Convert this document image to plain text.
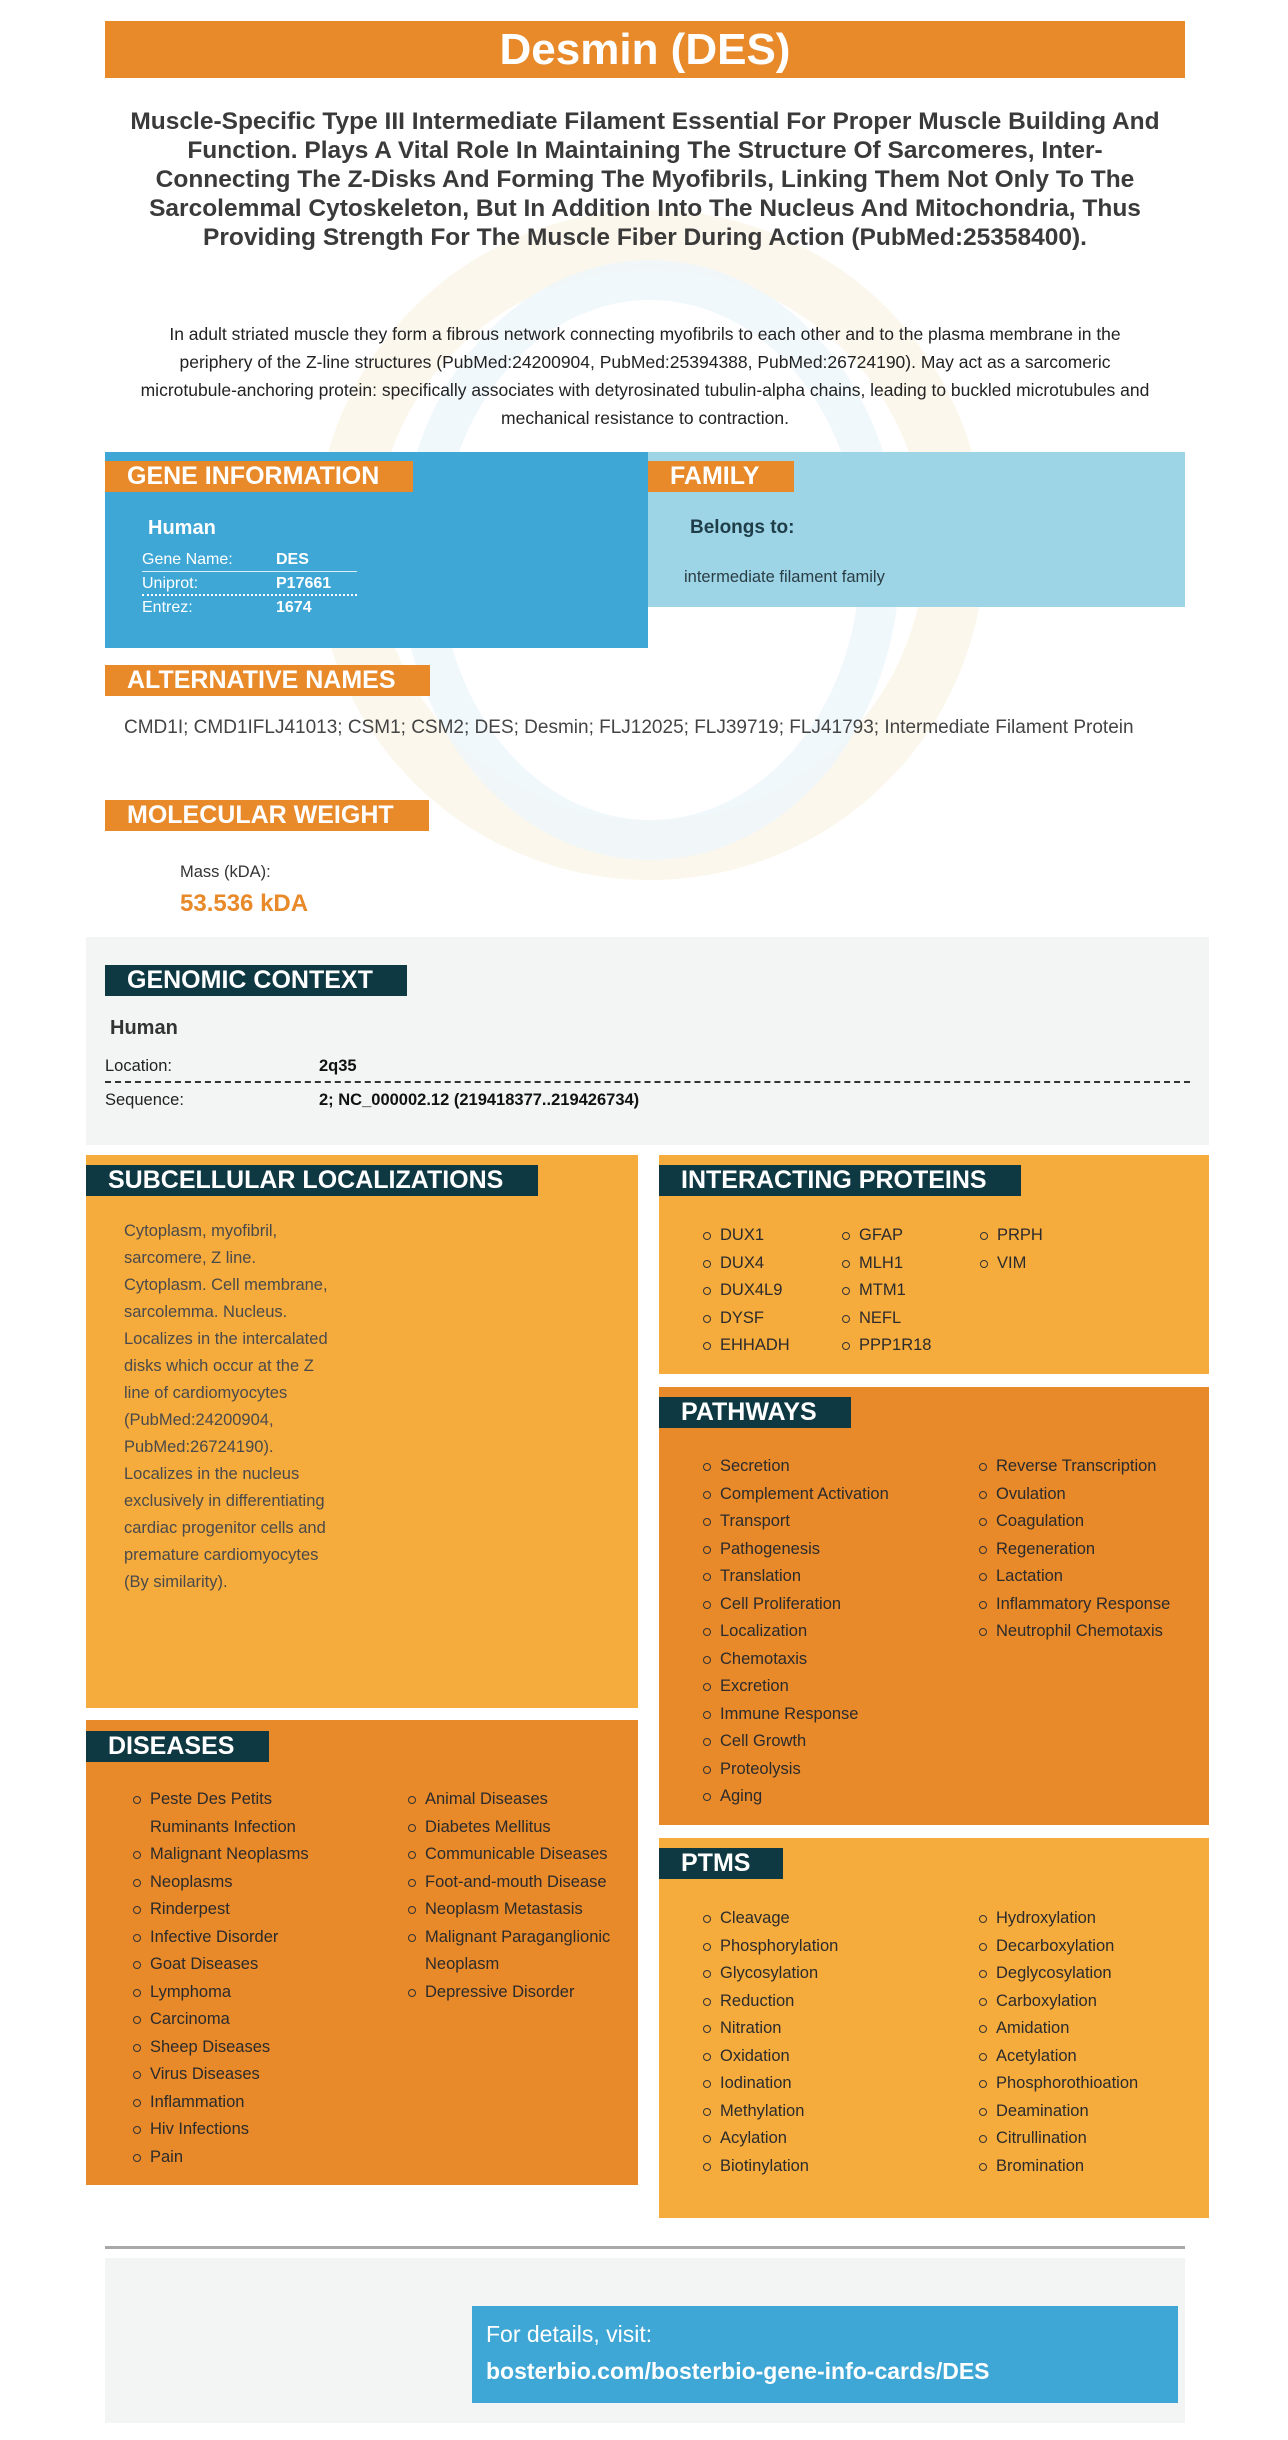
Desmin (DES)
Muscle-Specific Type III Intermediate Filament Essential For Proper Muscle Building And Function. Plays A Vital Role In Maintaining The Structure Of Sarcomeres, Inter-Connecting The Z-Disks And Forming The Myofibrils, Linking Them Not Only To The Sarcolemmal Cytoskeleton, But In Addition Into The Nucleus And Mitochondria, Thus Providing Strength For The Muscle Fiber During Action (PubMed:25358400).
In adult striated muscle they form a fibrous network connecting myofibrils to each other and to the plasma membrane in the periphery of the Z-line structures (PubMed:24200904, PubMed:25394388, PubMed:26724190). May act as a sarcomeric microtubule-anchoring protein: specifically associates with detyrosinated tubulin-alpha chains, leading to buckled microtubules and mechanical resistance to contraction.
GENE INFORMATION
Human
Gene Name:	DES
Uniprot:	P17661
Entrez:	1674
FAMILY
Belongs to:
intermediate filament family
ALTERNATIVE NAMES
CMD1I; CMD1IFLJ41013; CSM1; CSM2; DES; Desmin; FLJ12025; FLJ39719; FLJ41793; Intermediate Filament Protein
MOLECULAR WEIGHT
Mass (kDA):
53.536 kDA
GENOMIC CONTEXT
Human
Location:	2q35
Sequence:	2; NC_000002.12 (219418377..219426734)
SUBCELLULAR LOCALIZATIONS
Cytoplasm, myofibril, sarcomere, Z line. Cytoplasm. Cell membrane, sarcolemma. Nucleus. Localizes in the intercalated disks which occur at the Z line of cardiomyocytes (PubMed:24200904, PubMed:26724190). Localizes in the nucleus exclusively in differentiating cardiac progenitor cells and premature cardiomyocytes (By similarity).
INTERACTING PROTEINS
DUX1
DUX4
DUX4L9
DYSF
EHHADH
GFAP
MLH1
MTM1
NEFL
PPP1R18
PRPH
VIM
PATHWAYS
Secretion
Complement Activation
Transport
Pathogenesis
Translation
Cell Proliferation
Localization
Chemotaxis
Excretion
Immune Response
Cell Growth
Proteolysis
Aging
Reverse Transcription
Ovulation
Coagulation
Regeneration
Lactation
Inflammatory Response
Neutrophil Chemotaxis
DISEASES
Peste Des Petits Ruminants Infection
Malignant Neoplasms
Neoplasms
Rinderpest
Infective Disorder
Goat Diseases
Lymphoma
Carcinoma
Sheep Diseases
Virus Diseases
Inflammation
Hiv Infections
Pain
Animal Diseases
Diabetes Mellitus
Communicable Diseases
Foot-and-mouth Disease
Neoplasm Metastasis
Malignant Paraganglionic Neoplasm
Depressive Disorder
PTMS
Cleavage
Phosphorylation
Glycosylation
Reduction
Nitration
Oxidation
Iodination
Methylation
Acylation
Biotinylation
Hydroxylation
Decarboxylation
Deglycosylation
Carboxylation
Amidation
Acetylation
Phosphorothioation
Deamination
Citrullination
Bromination
For details, visit:
bosterbio.com/bosterbio-gene-info-cards/DES
